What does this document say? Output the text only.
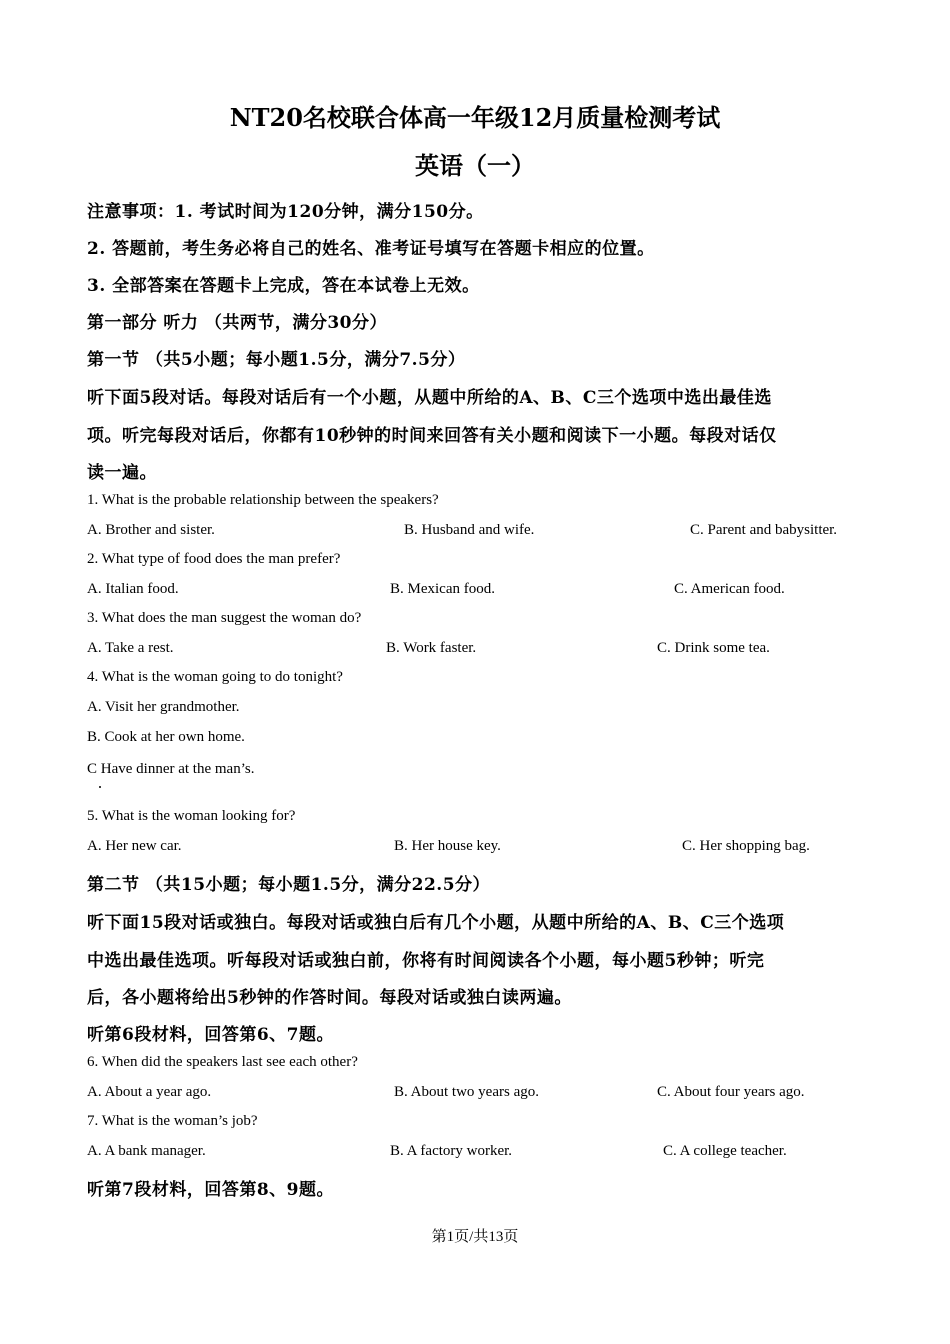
NT20名校联合体高一年级12月质量检测考试
英语（一）
注意事项：1. 考试时间为120分钟，满分150分。
2. 答题前，考生务必将自己的姓名、准考证号填写在答题卡相应的位置。
3. 全部答案在答题卡上完成，答在本试卷上无效。
第一部分 听力 （共两节，满分30分）
第一节 （共5小题；每小题1.5分，满分7.5分）
听下面5段对话。每段对话后有一个小题，从题中所给的A、B、C三个选项中选出最佳选
项。听完每段对话后，你都有10秒钟的时间来回答有关小题和阅读下一小题。每段对话仅
读一遍。
1. What is the probable relationship between the speakers?
A. Brother and sister.	B. Husband and wife.	C. Parent and babysitter.
2. What type of food does the man prefer?
A. Italian food.	B. Mexican food.	C. American food.
3. What does the man suggest the woman do?
A. Take a rest.	B. Work faster.	C. Drink some tea.
4. What is the woman going to do tonight?
A. Visit her grandmother.
B. Cook at her own home.
C Have dinner at the man’s.
5. What is the woman looking for?
A. Her new car.	B. Her house key.	C. Her shopping bag.
第二节 （共15小题；每小题1.5分，满分22.5分）
听下面15段对话或独白。每段对话或独白后有几个小题，从题中所给的A、B、C三个选项
中选出最佳选项。听每段对话或独白前，你将有时间阅读各个小题，每小题5秒钟；听完
后，各小题将给出5秒钟的作答时间。每段对话或独白读两遍。
听第6段材料，回答第6、7题。
6. When did the speakers last see each other?
A. About a year ago.	B. About two years ago.	C. About four years ago.
7. What is the woman’s job?
A. A bank manager.	B. A factory worker.	C. A college teacher.
听第7段材料，回答第8、9题。
第1页/共13页
